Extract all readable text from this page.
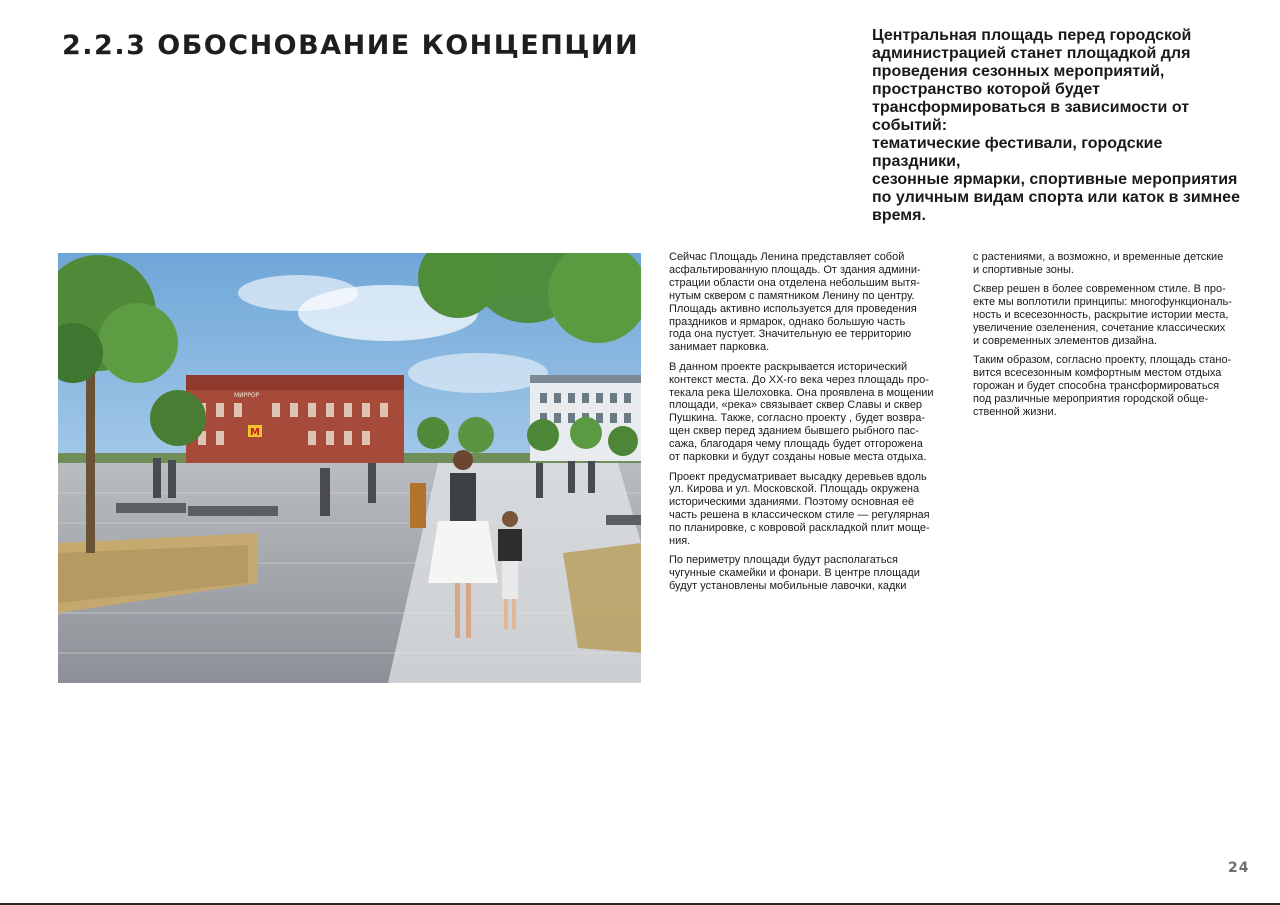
2.2.3 ОБОСНОВАНИЕ КОНЦЕПЦИИ	Центральная площадь перед городской
администрацией станет площадкой для
проведения сезонных мероприятий,
пространство которой будет
трансформироваться в зависимости от событий:
тематические фестивали, городские праздники,
сезонные ярмарки, спортивные мероприятия
по уличным видам спорта или каток в зимнее
время.
M
МИРРОР

Сейчас Площадь Ленина представляет собой
асфальтированную площадь. От здания админи-
страции области она отделена небольшим вытя-
нутым сквером с памятником Ленину по центру.
Площадь активно используется для проведения
праздников и ярмарок, однако большую часть
года она пустует. Значительную ее территорию
занимает парковка.

В данном проекте раскрывается исторический
контекст места. До XX-го века через площадь про-
текала река Шелоховка. Она проявлена в мощении
площади, «река» связывает сквер Славы и сквер
Пушкина. Также, согласно проекту , будет возвра-
щен сквер перед зданием бывшего рыбного пас-
сажа, благодаря чему площадь будет отгорожена
от парковки и будут созданы новые места отдыха.

Проект предусматривает высадку деревьев вдоль
ул. Кирова и ул. Московской. Площадь окружена
историческими зданиями. Поэтому основная её
часть решена в классическом стиле — регулярная
по планировке, с ковровой раскладкой плит моще-
ния.

По периметру площади будут располагаться
чугунные скамейки и фонари. В центре площади
будут установлены мобильные лавочки, кадки

с растениями, а возможно, и временные детские
и спортивные зоны.

Сквер решен в более современном стиле. В про-
екте мы воплотили принципы: многофункциональ-
ность и всесезонность, раскрытие истории места,
увеличение озеленения, сочетание классических
и современных элементов дизайна.

Таким образом, согласно проекту, площадь стано-
вится всесезонным комфортным местом отдыха
горожан и будет способна трансформироваться
под различные мероприятия городской обще-
ственной жизни.

24
